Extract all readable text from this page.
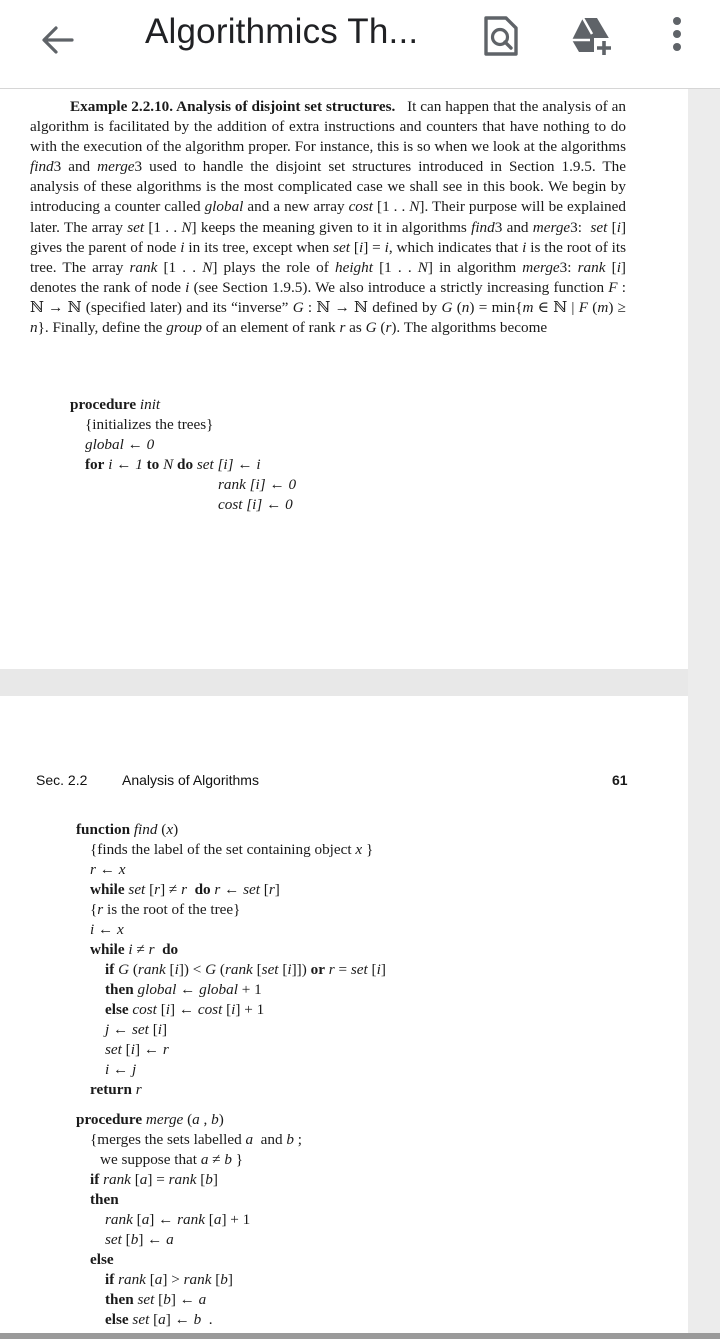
Algorithmics Th...
Example 2.2.10. Analysis of disjoint set structures.   It can happen that the analysis of an algorithm is facilitated by the addition of extra instructions and counters that have nothing to do with the execution of the algorithm proper. For instance, this is so when we look at the algorithms find3 and merge3 used to handle the disjoint set structures introduced in Section 1.9.5. The analysis of these algorithms is the most complicated case we shall see in this book. We begin by introducing a counter called global and a new array cost [1 . . N]. Their purpose will be explained later. The array set [1 . . N] keeps the meaning given to it in algorithms find3 and merge3:  set [i] gives the parent of node i in its tree, except when set [i] = i, which indicates that i is the root of its tree. The array rank [1 . . N] plays the role of height [1 . . N] in algorithm merge3: rank [i] denotes the rank of node i (see Section 1.9.5). We also introduce a strictly increasing function F : ℕ → ℕ (specified later) and its “inverse” G : ℕ → ℕ defined by G (n) = min{m ∈ ℕ | F (m) ≥ n}. Finally, define the group of an element of rank r as G (r). The algorithms become
procedure init
{initializes the trees}
global ← 0
for i ← 1 to N do set [i] ← i
rank [i] ← 0
cost [i] ← 0
Sec. 2.2 Analysis of Algorithms	61
function find (x)
{finds the label of the set containing object x }
r ← x
while set [r] ≠ r do r ← set [r]
{r is the root of the tree}
i ← x
while i ≠ r do
if G (rank [i]) < G (rank [set [i]]) or r = set [i]
then global ← global + 1
else cost [i] ← cost [i] + 1
j ← set [i]
set [i] ← r
i ← j
return r
procedure merge (a , b)
{merges the sets labelled a  and b ;
we suppose that a ≠ b }
if rank [a] = rank [b]
then
rank [a] ← rank [a] + 1
set [b] ← a
else
if rank [a] > rank [b]
then set [b] ← a
else set [a] ← b  .
